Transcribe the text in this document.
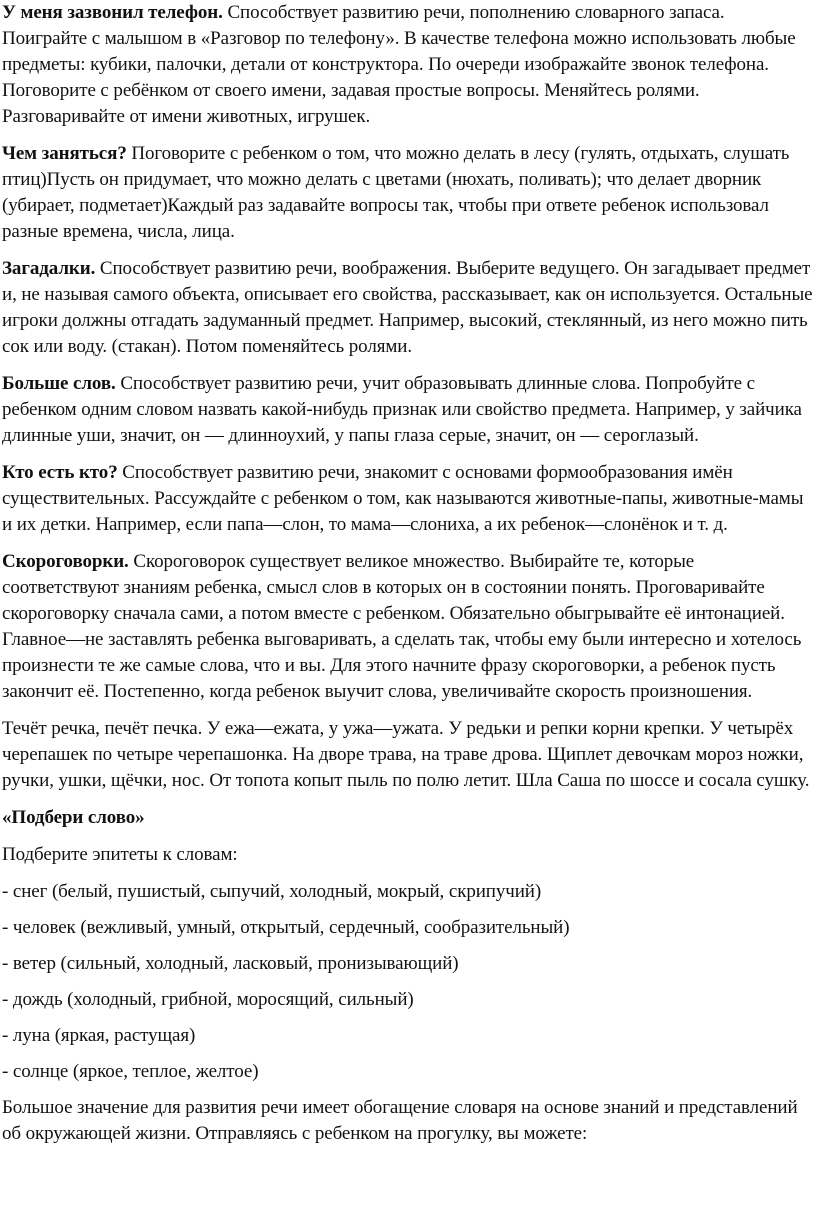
У меня зазвонил телефон. Способствует развитию речи, пополнению словарного запаса. Поиграйте с малышом в «Разговор по телефону». В качестве телефона можно использовать любые предметы: кубики, палочки, детали от конструктора. По очереди изображайте звонок телефона. Поговорите с ребёнком от своего имени, задавая простые вопросы. Меняйтесь ролями. Разговаривайте от имени животных, игрушек.

Чем заняться? Поговорите с ребенком о том, что можно делать в лесу (гулять, отдыхать, слушать птиц)Пусть он придумает, что можно делать с цветами (нюхать, поливать); что делает дворник (убирает, подметает)Каждый раз задавайте вопросы так, чтобы при ответе ребенок использовал разные времена, числа, лица.

Загадалки. Способствует развитию речи, воображения. Выберите ведущего. Он загадывает предмет и, не называя самого объекта, описывает его свойства, рассказывает, как он используется. Остальные игроки должны отгадать задуманный предмет. Например, высокий, стеклянный, из него можно пить сок или воду. (стакан). Потом поменяйтесь ролями.

Больше слов. Способствует развитию речи, учит образовывать длинные слова. Попробуйте с ребенком одним словом назвать какой-нибудь признак или свойство предмета. Например, у зайчика длинные уши, значит, он — длинноухий, у папы глаза серые, значит, он — сероглазый.

Кто есть кто? Способствует развитию речи, знакомит с основами формообразования имён существительных. Рассуждайте с ребенком о том, как называются животные-папы, животные-мамы и их детки. Например, если папа—слон, то мама—слониха, а их ребенок—слонёнок и т. д.

Скороговорки. Скороговорок существует великое множество. Выбирайте те, которые соответствуют знаниям ребенка, смысл слов в которых он в состоянии понять. Проговаривайте скороговорку сначала сами, а потом вместе с ребенком. Обязательно обыгрывайте её интонацией. Главное—не заставлять ребенка выговаривать, а сделать так, чтобы ему были интересно и хотелось произнести те же самые слова, что и вы. Для этого начните фразу скороговорки, а ребенок пусть закончит её. Постепенно, когда ребенок выучит слова, увеличивайте скорость произношения.

Течёт речка, печёт печка. У ежа—ежата, у ужа—ужата. У редьки и репки корни крепки. У четырёх черепашек по четыре черепашонка. На дворе трава, на траве дрова. Щиплет девочкам мороз ножки, ручки, ушки, щёчки, нос. От топота копыт пыль по полю летит. Шла Саша по шоссе и сосала сушку.

«Подбери слово»

Подберите эпитеты к словам:

- снег (белый, пушистый, сыпучий, холодный, мокрый, скрипучий)

- человек (вежливый, умный, открытый, сердечный, сообразительный)

- ветер (сильный, холодный, ласковый, пронизывающий)

- дождь (холодный, грибной, моросящий, сильный)

- луна (яркая, растущая)

- солнце (яркое, теплое, желтое)

Большое значение для развития речи имеет обогащение словаря на основе знаний и представлений об окружающей жизни. Отправляясь с ребенком на прогулку, вы можете:
